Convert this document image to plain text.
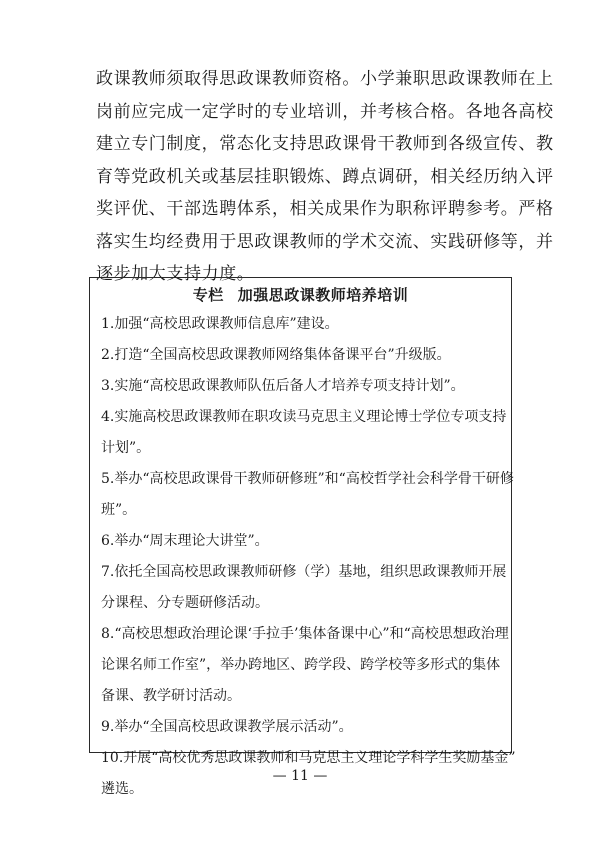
政课教师须取得思政课教师资格。小学兼职思政课教师在上
岗前应完成一定学时的专业培训，并考核合格。各地各高校
建立专门制度，常态化支持思政课骨干教师到各级宣传、教
育等党政机关或基层挂职锻炼、蹲点调研，相关经历纳入评
奖评优、干部选聘体系，相关成果作为职称评聘参考。严格
落实生均经费用于思政课教师的学术交流、实践研修等，并
逐步加大支持力度。
专栏 加强思政课教师培养培训
1.加强“高校思政课教师信息库”建设。
2.打造“全国高校思政课教师网络集体备课平台”升级版。
3.实施“高校思政课教师队伍后备人才培养专项支持计划”。
4.实施高校思政课教师在职攻读马克思主义理论博士学位专项支持
计划”。
5.举办“高校思政课骨干教师研修班”和“高校哲学社会科学骨干研修
班”。
6.举办“周末理论大讲堂”。
7.依托全国高校思政课教师研修（学）基地，组织思政课教师开展
分课程、分专题研修活动。
8.“高校思想政治理论课‘手拉手’集体备课中心”和“高校思想政治理
论课名师工作室”，举办跨地区、跨学段、跨学校等多形式的集体
备课、教学研讨活动。
9.举办“全国高校思政课教学展示活动”。
10.开展“高校优秀思政课教师和马克思主义理论学科学生奖励基金”
遴选。
— 11 —
